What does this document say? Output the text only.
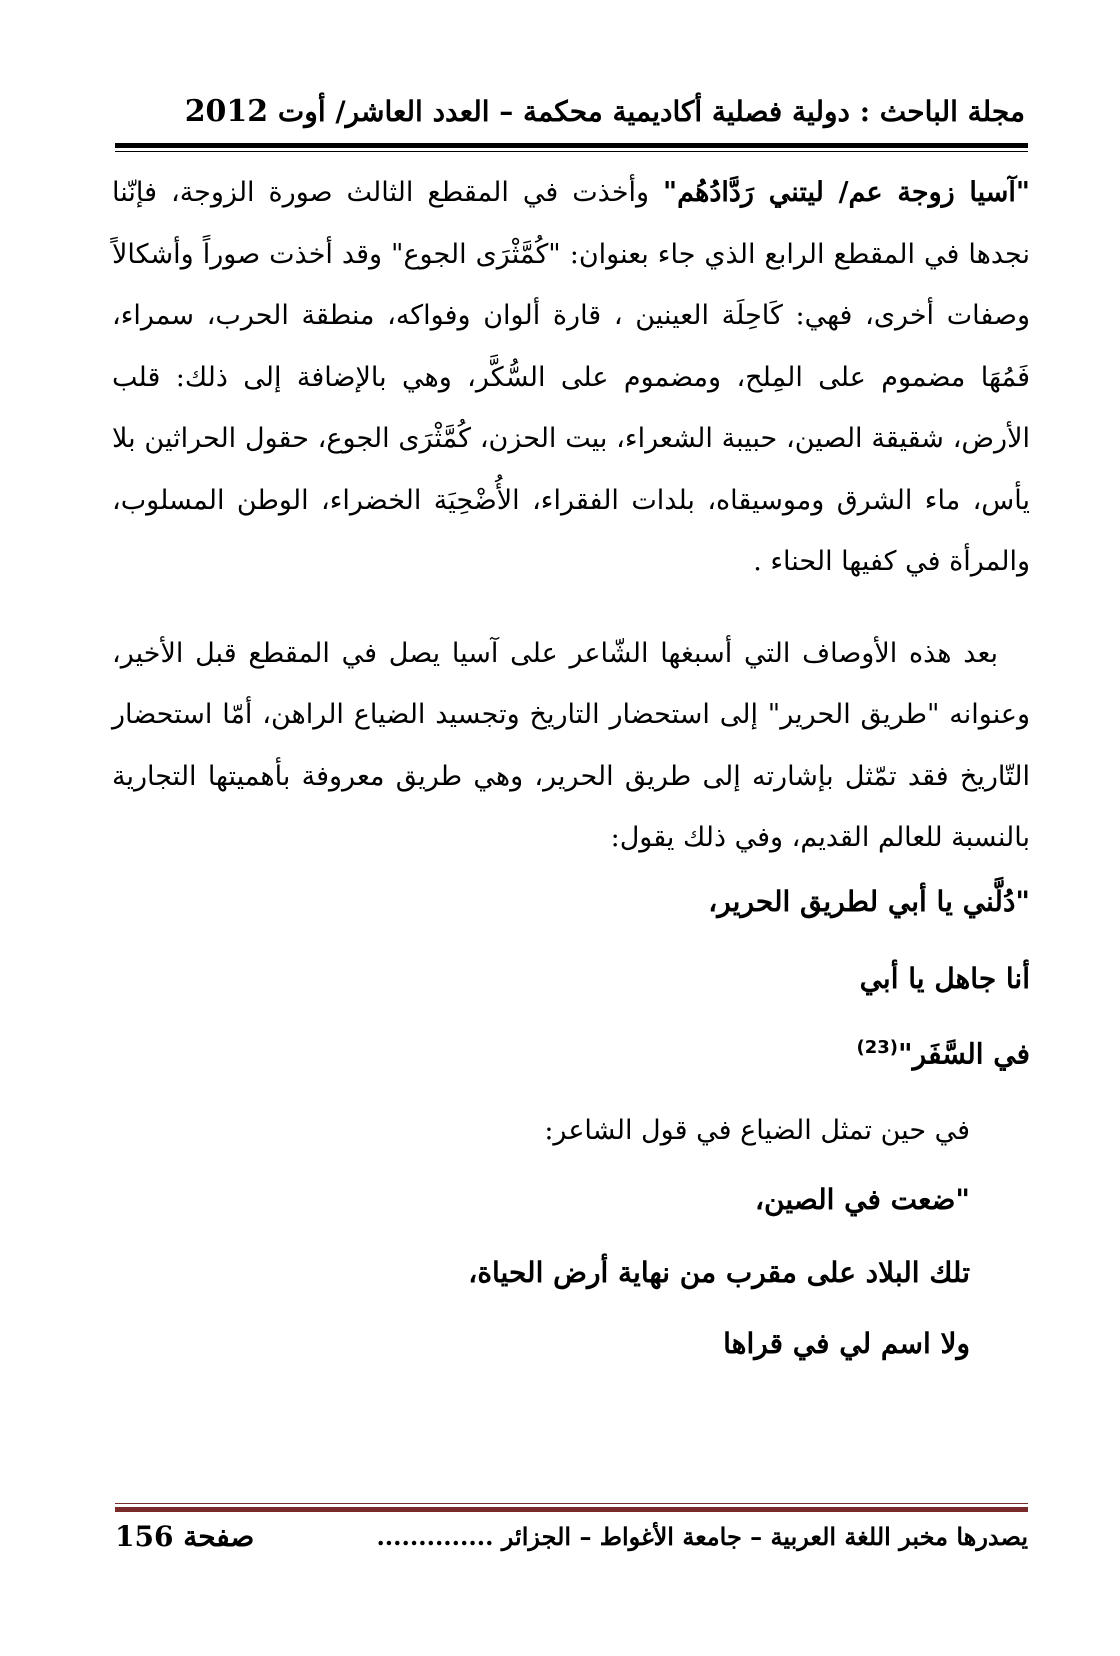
مجلة الباحث : دولية فصلية أكاديمية محكمة – العدد العاشر/ أوت 2012

"آسيا زوجة عم/ ليتني رَدَّادُهُم" وأخذت في المقطع الثالث صورة الزوجة، فإنّنا نجدها في المقطع الرابع الذي جاء بعنوان: "كُمَّثْرَى الجوع" وقد أخذت صوراً وأشكالاً وصفات أخرى، فهي: كَاحِلَة العينين ، قارة ألوان وفواكه، منطقة الحرب، سمراء، فَمُهَا مضموم على المِلح، ومضموم على السُّكَّر، وهي بالإضافة إلى ذلك: قلب الأرض، شقيقة الصين، حبيبة الشعراء، بيت الحزن، كُمَّثْرَى الجوع، حقول الحراثين بلا يأس، ماء الشرق وموسيقاه، بلدات الفقراء، الأُضْحِيَة الخضراء، الوطن المسلوب، والمرأة في كفيها الحناء .

بعد هذه الأوصاف التي أسبغها الشّاعر على آسيا يصل في المقطع قبل الأخير، وعنوانه "طريق الحرير" إلى استحضار التاريخ وتجسيد الضياع الراهن، أمّا استحضار التّاريخ فقد تمّثل بإشارته إلى طريق الحرير، وهي طريق معروفة بأهميتها التجارية بالنسبة للعالم القديم، وفي ذلك يقول:

"دُلَّني يا أبي لطريق الحرير،

أنا جاهل يا أبي

في السَّفَر"$^{(23)}$

في حين تمثل الضياع في قول الشاعر:

"ضعت في الصين،

تلك البلاد على مقرب من نهاية أرض الحياة،

ولا اسم لي في قراها

يصدرها مخبر اللغة العربية – جامعة الأغواط – الجزائر ..............
صفحة 156
